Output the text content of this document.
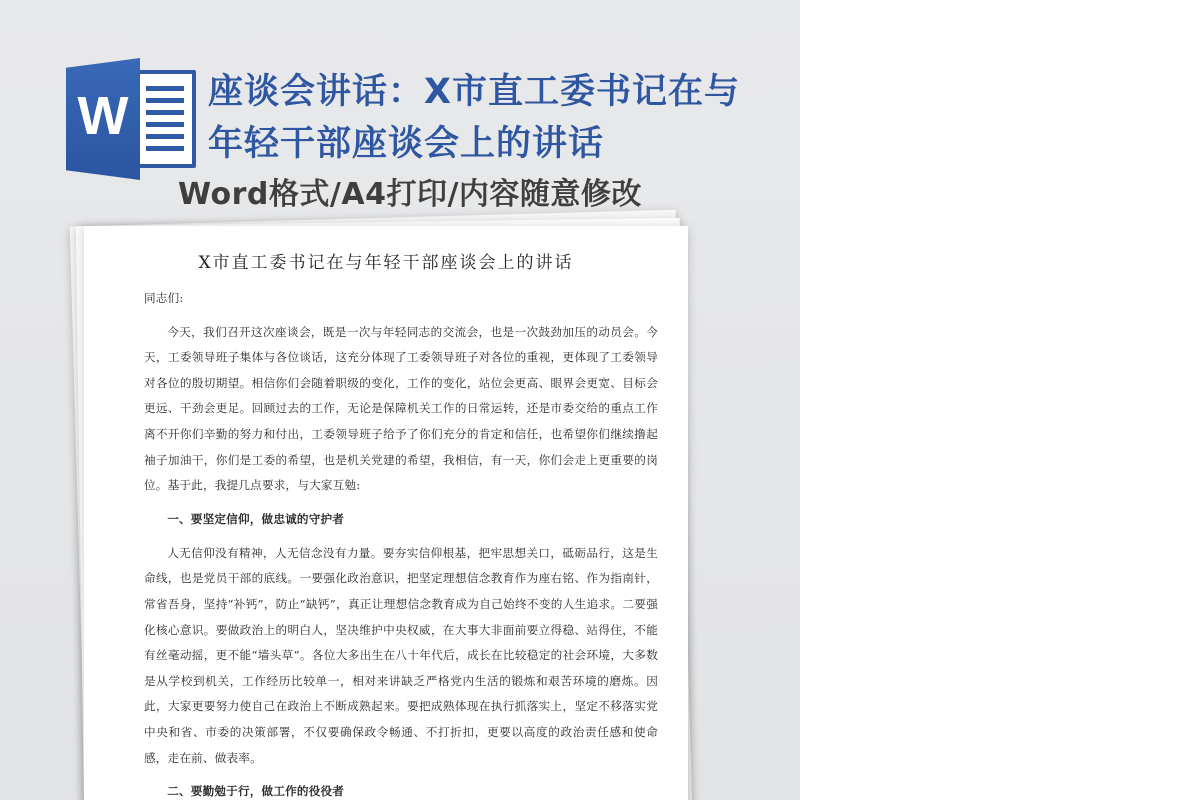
W	座谈会讲话：X市直工委书记在与
年轻干部座谈会上的讲话
Word格式/A4打印/内容随意修改
X市直工委书记在与年轻干部座谈会上的讲话

同志们:

今天，我们召开这次座谈会，既是一次与年轻同志的交流会，也是一次鼓劲加压的动员会。今天，工委领导班子集体与各位谈话，这充分体现了工委领导班子对各位的重视，更体现了工委领导对各位的殷切期望。相信你们会随着职级的变化，工作的变化，站位会更高、眼界会更宽、目标会更远、干劲会更足。回顾过去的工作，无论是保障机关工作的日常运转，还是市委交给的重点工作离不开你们辛勤的努力和付出，工委领导班子给予了你们充分的肯定和信任，也希望你们继续撸起袖子加油干，你们是工委的希望，也是机关党建的希望，我相信，有一天，你们会走上更重要的岗位。基于此，我提几点要求，与大家互勉:

一、要坚定信仰，做忠诚的守护者

人无信仰没有精神，人无信念没有力量。要夯实信仰根基，把牢思想关口，砥砺品行，这是生命线，也是党员干部的底线。一要强化政治意识，把坚定理想信念教育作为座右铭、作为指南针，常省吾身，坚持“补钙”，防止“缺钙”，真正让理想信念教育成为自己始终不变的人生追求。二要强化核心意识。要做政治上的明白人，坚决维护中央权威，在大事大非面前要立得稳、站得住，不能有丝毫动摇，更不能“墙头草”。各位大多出生在八十年代后，成长在比较稳定的社会环境，大多数是从学校到机关，工作经历比较单一，相对来讲缺乏严格党内生活的锻炼和艰苦环境的磨炼。因此，大家更要努力使自己在政治上不断成熟起来。要把成熟体现在执行抓落实上，坚定不移落实党中央和省、市委的决策部署，不仅要确保政令畅通、不打折扣，更要以高度的政治责任感和使命感，走在前、做表率。

二、要勤勉于行，做工作的役役者
